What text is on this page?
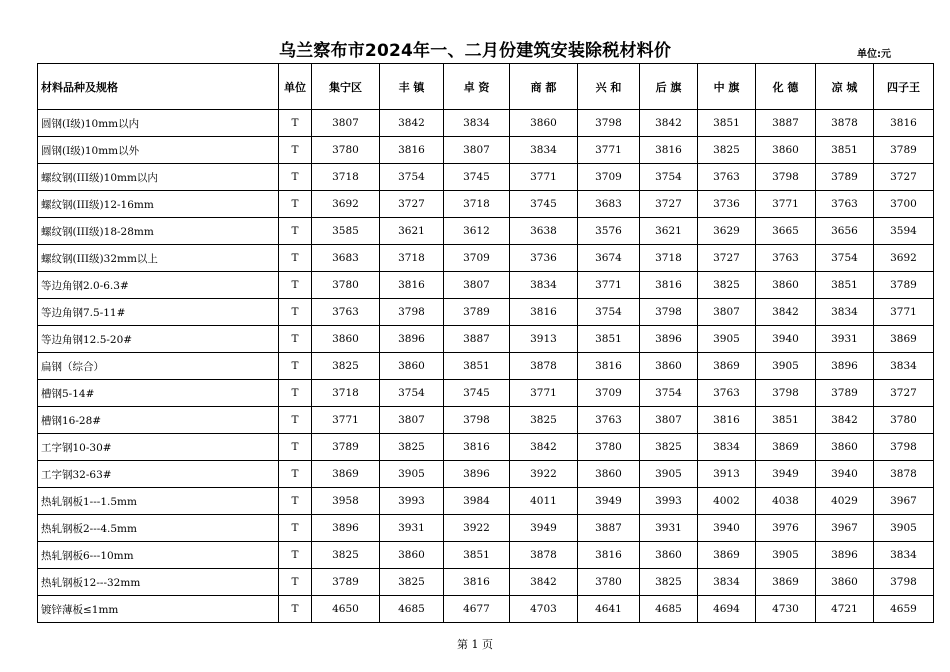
乌兰察布市2024年一、二月份建筑安装除税材料价	单位:元
材料品种及规格	单位	集宁区	丰 镇	卓 资	商 都	兴 和	后 旗	中 旗	化 德	凉 城	四子王
圆钢(Ⅰ级)10mm以内	T	3807	3842	3834	3860	3798	3842	3851	3887	3878	3816
圆钢(Ⅰ级)10mm以外	T	3780	3816	3807	3834	3771	3816	3825	3860	3851	3789
螺纹钢(III级)10mm以内	T	3718	3754	3745	3771	3709	3754	3763	3798	3789	3727
螺纹钢(III级)12-16mm	T	3692	3727	3718	3745	3683	3727	3736	3771	3763	3700
螺纹钢(III级)18-28mm	T	3585	3621	3612	3638	3576	3621	3629	3665	3656	3594
螺纹钢(III级)32mm以上	T	3683	3718	3709	3736	3674	3718	3727	3763	3754	3692
等边角钢2.0-6.3#	T	3780	3816	3807	3834	3771	3816	3825	3860	3851	3789
等边角钢7.5-11#	T	3763	3798	3789	3816	3754	3798	3807	3842	3834	3771
等边角钢12.5-20#	T	3860	3896	3887	3913	3851	3896	3905	3940	3931	3869
扁钢（综合）	T	3825	3860	3851	3878	3816	3860	3869	3905	3896	3834
槽钢5-14#	T	3718	3754	3745	3771	3709	3754	3763	3798	3789	3727
槽钢16-28#	T	3771	3807	3798	3825	3763	3807	3816	3851	3842	3780
工字钢10-30#	T	3789	3825	3816	3842	3780	3825	3834	3869	3860	3798
工字钢32-63#	T	3869	3905	3896	3922	3860	3905	3913	3949	3940	3878
热轧钢板1---1.5mm	T	3958	3993	3984	4011	3949	3993	4002	4038	4029	3967
热轧钢板2---4.5mm	T	3896	3931	3922	3949	3887	3931	3940	3976	3967	3905
热轧钢板6---10mm	T	3825	3860	3851	3878	3816	3860	3869	3905	3896	3834
热轧钢板12---32mm	T	3789	3825	3816	3842	3780	3825	3834	3869	3860	3798
镀锌薄板≤1mm	T	4650	4685	4677	4703	4641	4685	4694	4730	4721	4659
第 1 页
